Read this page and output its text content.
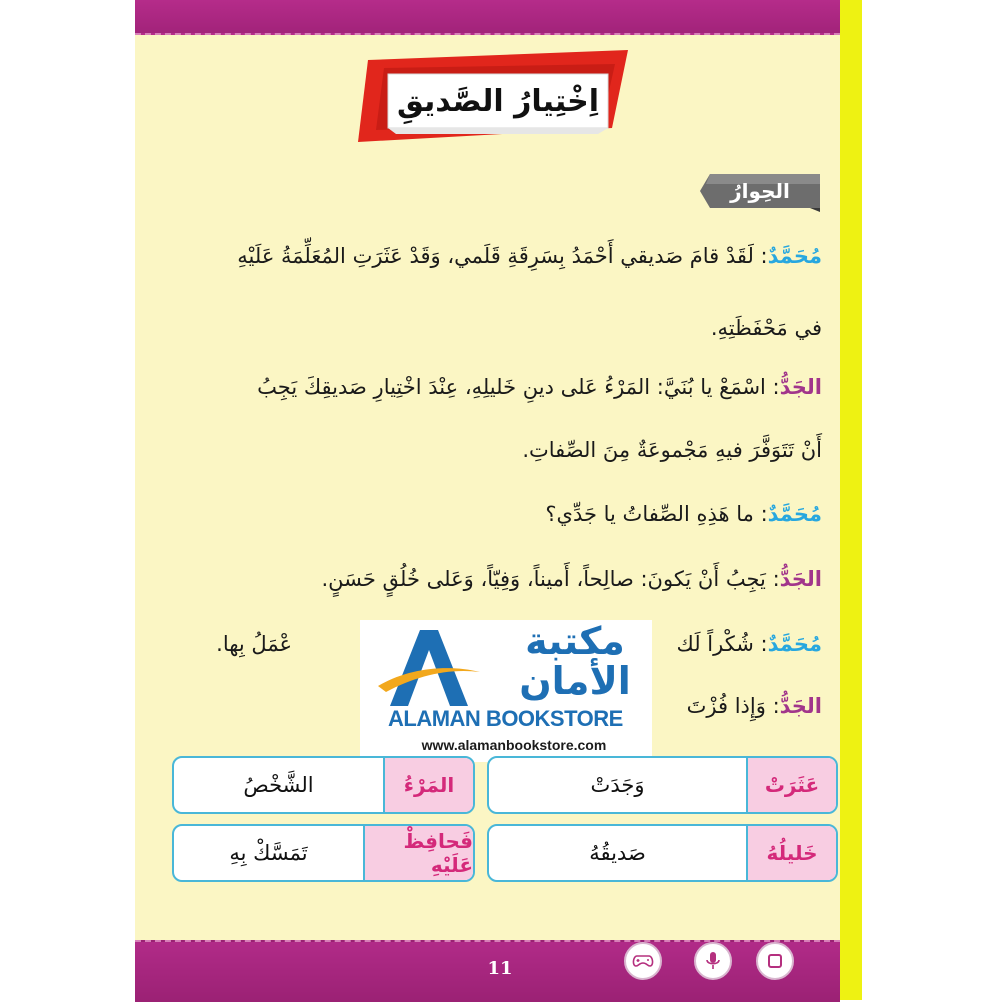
اِخْتِيارُ الصَّديقِ
الحِوارُ
مُحَمَّدٌ: لَقَدْ قامَ صَديقي أَحْمَدُ بِسَرِقَةِ قَلَمي، وَقَدْ عَثَرَتِ المُعَلِّمَةُ عَلَيْهِ
في مَحْفَظَتِهِ.
الجَدُّ: اسْمَعْ يا بُنَيَّ: المَرْءُ عَلى دينِ خَليلِهِ، عِنْدَ اخْتِيارِ صَديقِكَ يَجِبُ
أَنْ تَتَوَفَّرَ فيهِ مَجْموعَةٌ مِنَ الصِّفاتِ.
مُحَمَّدٌ: ما هَذِهِ الصِّفاتُ يا جَدِّي؟
الجَدُّ: يَجِبُ أَنْ يَكونَ: صالِحاً، أَميناً، وَفِيّاً، وَعَلى خُلُقٍ حَسَنٍ.
مُحَمَّدٌ: شُكْراً لَك
عْمَلُ بِها.
الجَدُّ: وَإِذا فُزْتَ
مكتبة
الأمان
ALAMAN BOOKSTORE
www.alamanbookstore.com
عَثَرَتْ
وَجَدَتْ
المَرْءُ
الشَّخْصُ
خَليلُهُ
صَديقُهُ
فَحافِظْ عَلَيْهِ
تَمَسَّكْ بِهِ
11
